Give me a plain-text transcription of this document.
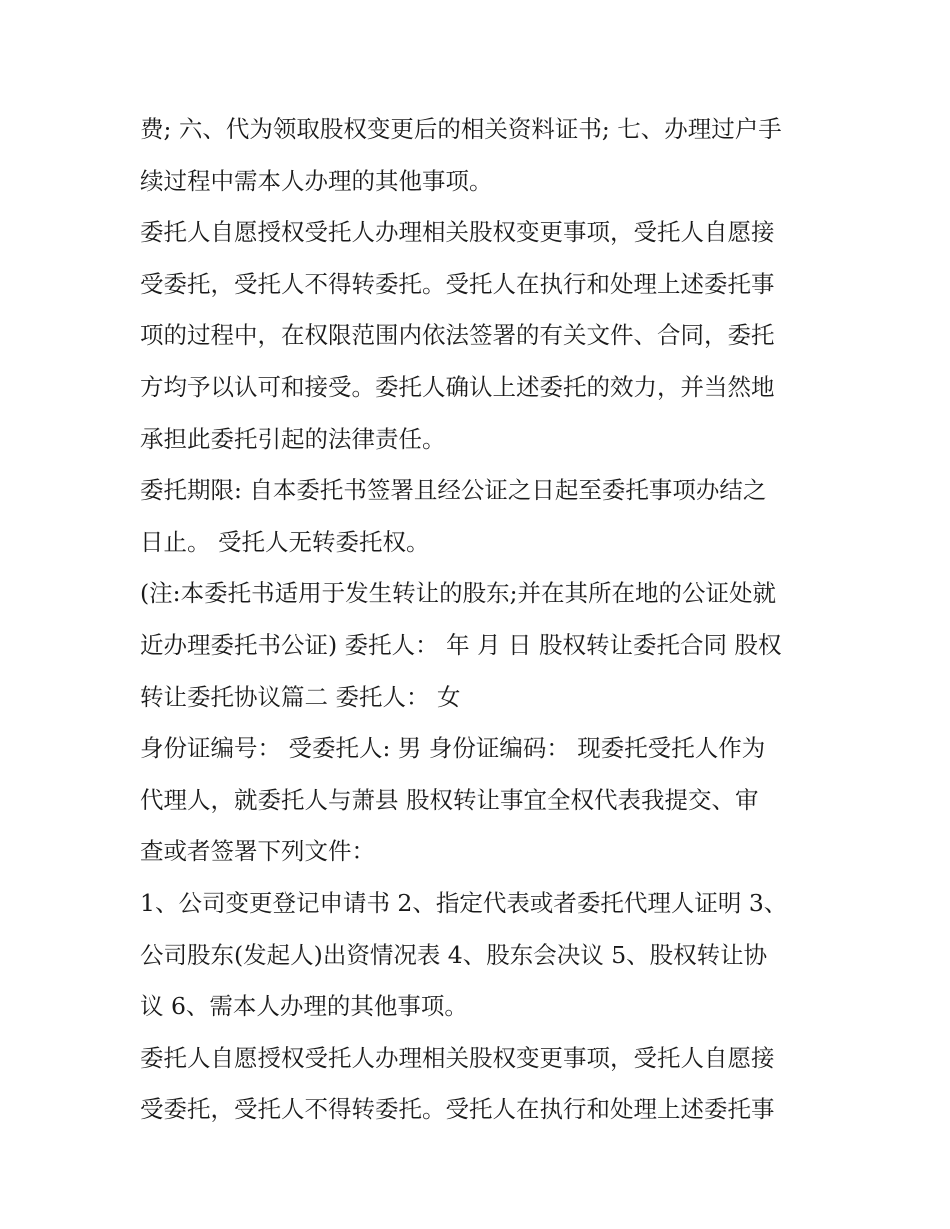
费; 六、代为领取股权变更后的相关资料证书; 七、办理过户手
续过程中需本人办理的其他事项。
委托人自愿授权受托人办理相关股权变更事项，受托人自愿接
受委托，受托人不得转委托。受托人在执行和处理上述委托事
项的过程中，在权限范围内依法签署的有关文件、合同，委托
方均予以认可和接受。委托人确认上述委托的效力，并当然地
承担此委托引起的法律责任。
委托期限: 自本委托书签署且经公证之日起至委托事项办结之
日止。 受托人无转委托权。
(注:本委托书适用于发生转让的股东;并在其所在地的公证处就
近办理委托书公证) 委托人： 年 月 日 股权转让委托合同 股权
转让委托协议篇二 委托人： 女
身份证编号： 受委托人: 男 身份证编码： 现委托受托人作为
代理人，就委托人与萧县 股权转让事宜全权代表我提交、审
查或者签署下列文件：
1、公司变更登记申请书 2、指定代表或者委托代理人证明 3、
公司股东(发起人)出资情况表 4、股东会决议 5、股权转让协
议 6、需本人办理的其他事项。
委托人自愿授权受托人办理相关股权变更事项，受托人自愿接
受委托，受托人不得转委托。受托人在执行和处理上述委托事
